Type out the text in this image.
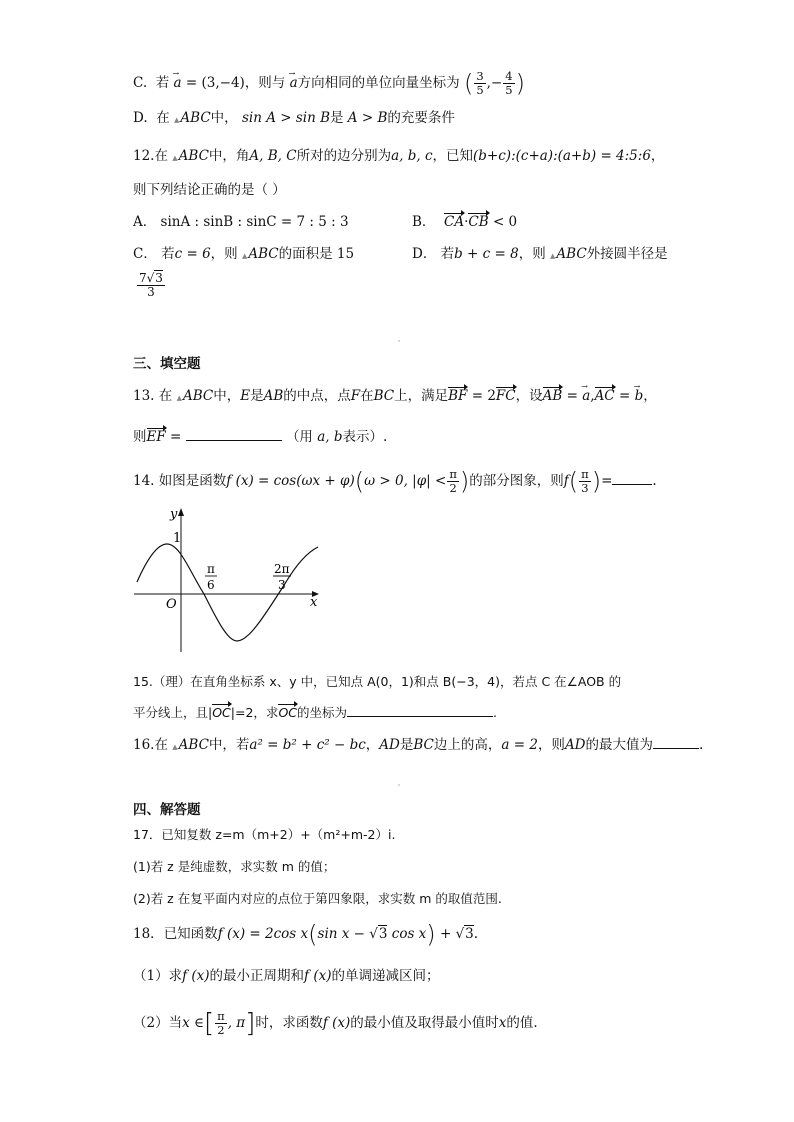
C. 若 → a = (3,−4)，则与 → a方向相同的单位向量坐标为 ( $\frac{3}{5}$ ,− $\frac{4}{5}$ )
D. 在 ▲ABC中， sin A > sin B是 A > B的充要条件
12.在 ▲ABC中，角A, B, C所对的边分别为a, b, c，已知(b+c):(c+a):(a+b) = 4:5:6，
则下列结论正确的是（ ）
A． sinA : sinB : sinC = 7 : 5 : 3	B． CA·CB < 0
C． 若c = 6，则 ▲ABC的面积是 15	D． 若b + c = 8，则 ▲ABC外接圆半径是
$\frac{7√3}{3}$
三、填空题
13. 在 ▲ABC中，E是AB的中点，点F在BC上，满足BF = 2FC，设AB = → a,AC = → b，
则EF =	（用 a, b表示）.
14. 如图是函数f (x) = cos(ωx + φ)(ω > 0, $|\varphi| < \frac{\pi}{2}$ )的部分图象，则$f( \frac{\pi}{3}$ )=	.
y
x
O
1
π
6
2π
3
15.（理）在直角坐标系 x、y 中，已知点 A(0，1)和点 B(−3，4)，若点 C 在∠AOB 的
平分线上，且|OC|=2，求OC的坐标为	.
16.在 ▲ABC中，若a² = b² + c² − bc，AD是BC边上的高，a = 2，则AD的最大值为	.
四、解答题
17．已知复数 z=m（m+2）+（m²+m-2）i.
(1)若 z 是纯虚数，求实数 m 的值；
(2)若 z 在复平面内对应的点位于第四象限，求实数 m 的取值范围.
18．已知函数f (x) = 2cos x(sin x − √3 cos x) + √3.
（1）求f (x)的最小正周期和f (x)的单调递减区间；
（2）当x ∈[ $\frac{\pi}{2}$ , π]时，求函数f (x)的最小值及取得最小值时x的值.
